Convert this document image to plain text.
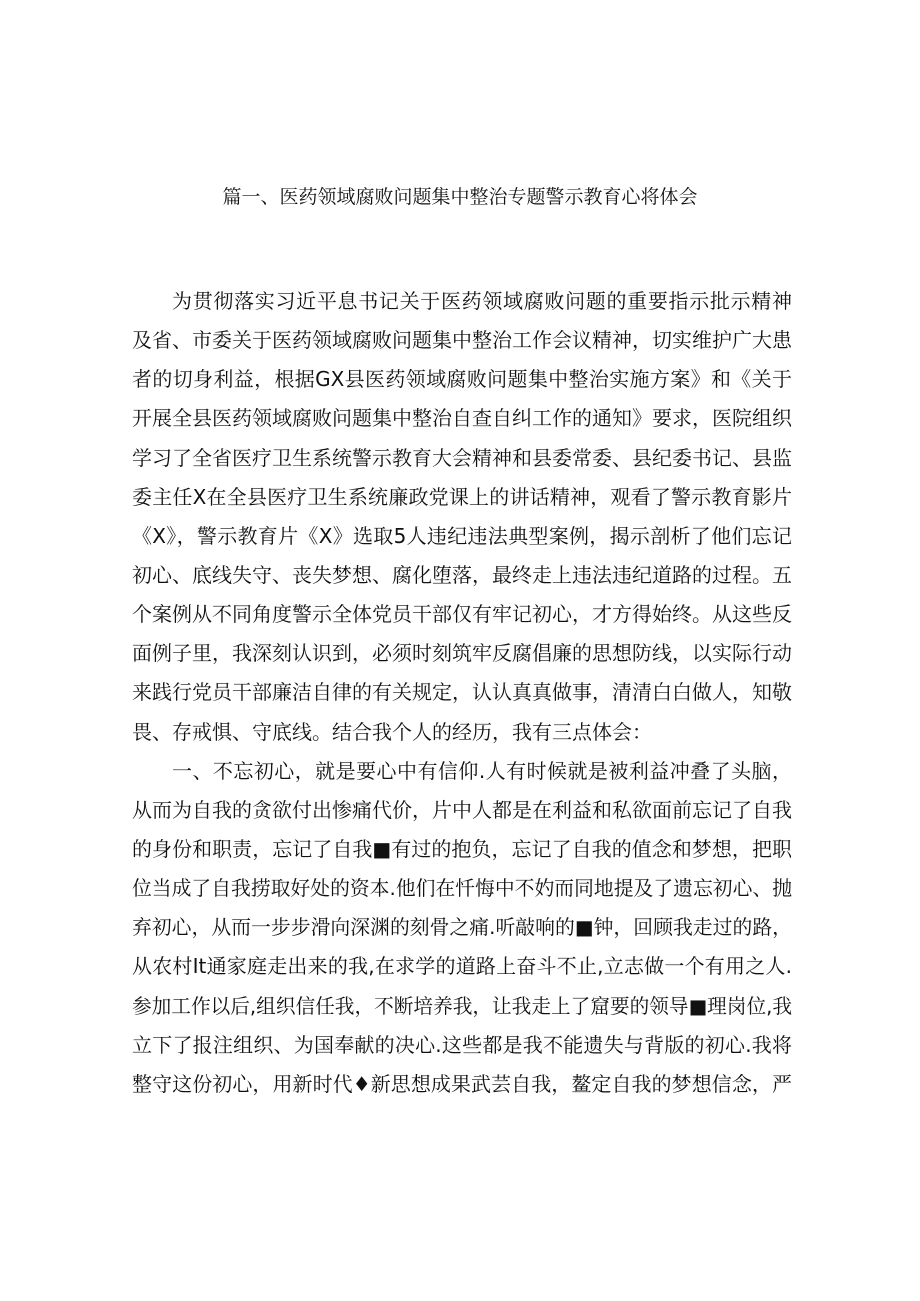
篇一、医药领域腐败问题集中整治专题警示教育心将体会
为贯彻落实习近平息书记关于医药领域腐败问题的重要指示批示精神
及省、市委关于医药领域腐败问题集中整治工作会议精神，切实维护广大患
者的切身利益，根据GX县医药领域腐败问题集中整治实施方案》和《关于
开展全县医药领域腐败问题集中整治自查自纠工作的通知》要求，医院组织
学习了全省医疗卫生系统警示教育大会精神和县委常委、县纪委书记、县监
委主任X在全县医疗卫生系统廉政党课上的讲话精神，观看了警示教育影片
《X》，警示教育片《X》选取5人违纪违法典型案例，揭示剖析了他们忘记
初心、底线失守、丧失梦想、腐化堕落，最终走上违法违纪道路的过程。五
个案例从不同角度警示全体党员干部仅有牢记初心，才方得始终。从这些反
面例子里，我深刻认识到，必须时刻筑牢反腐倡廉的思想防线，以实际行动
来践行党员干部廉洁自律的有关规定，认认真真做事，清清白白做人，知敬
畏、存戒惧、守底线。结合我个人的经历，我有三点体会：
一、不忘初心，就是要心中有信仰.人有时候就是被利益冲叠了头脑，
从而为自我的贪欲付出惨痛代价，片中人都是在利益和私欲面前忘记了自我
的身份和职责，忘记了自我■有过的抱负，忘记了自我的值念和梦想，把职
位当成了自我捞取好处的资本.他们在忏悔中不妁而同地提及了遗忘初心、抛
弃初心，从而一步步滑向深渊的刻骨之痛.听敲响的■钟，回顾我走过的路，
从农村It通家庭走出来的我,在求学的道路上奋斗不止,立志做一个有用之人.
参加工作以后,组织信任我，不断培养我，让我走上了窟要的领导■理岗位,我
立下了报注组织、为国奉献的决心.这些都是我不能遗失与背版的初心.我将
整守这份初心，用新时代♦新思想成果武芸自我，鳌定自我的梦想信念，严
